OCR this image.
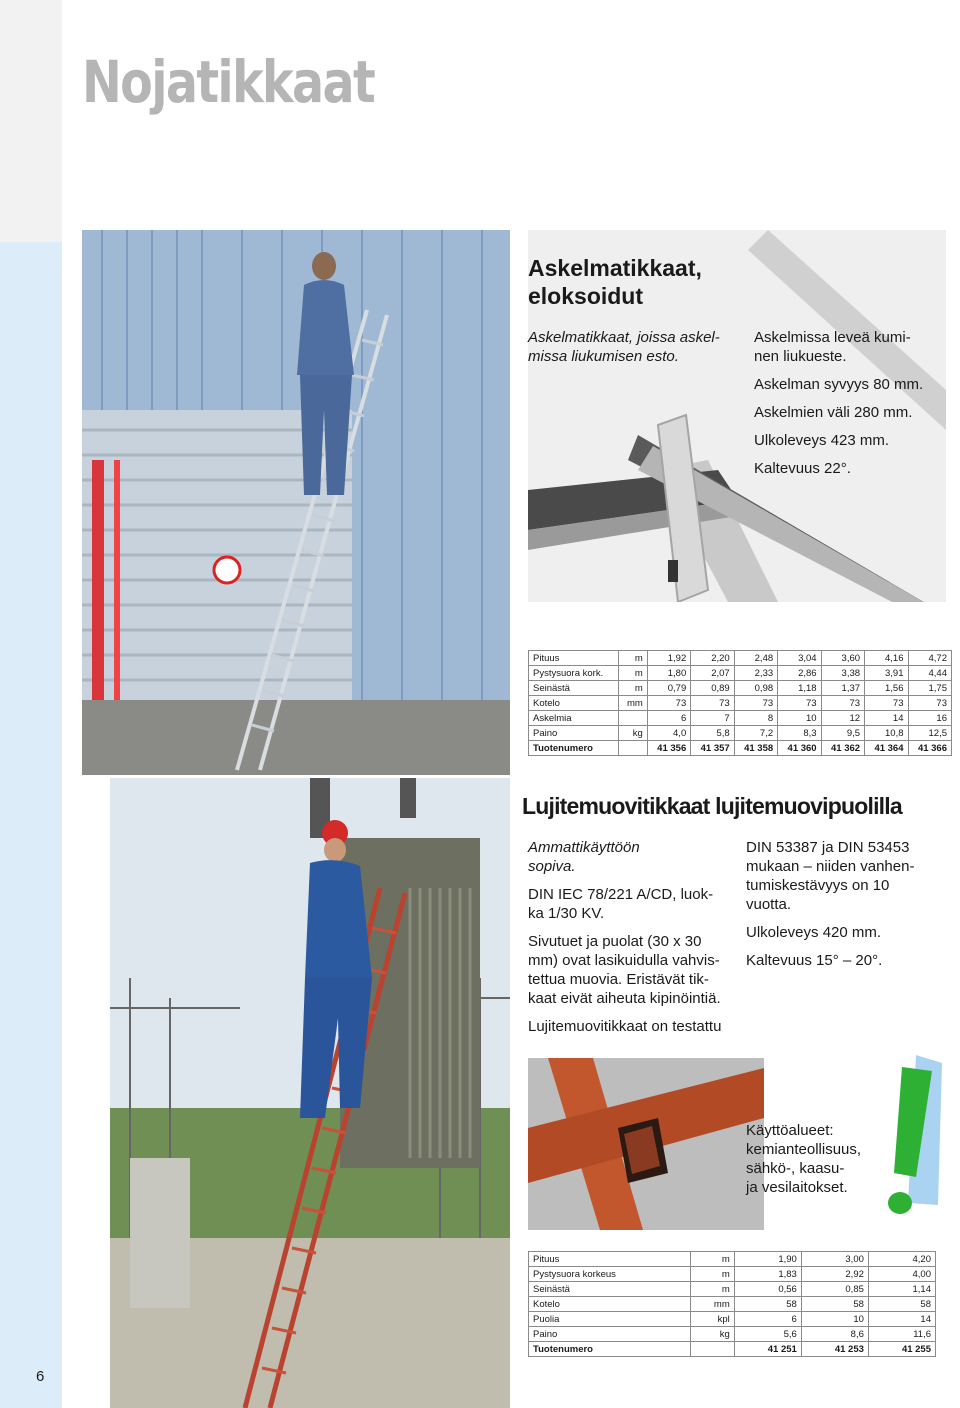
6
Nojatikkaat
Askelmatikkaat,
eloksoidut
Askelmatikkaat, joissa askel-
missa liukumisen esto.
Askelmissa leveä kumi-
nen liukueste.
Askelman syvyys 80 mm.
Askelmien väli 280 mm.
Ulkoleveys 423 mm.
Kaltevuus 22°.
Pituus	m	1,92	2,20	2,48	3,04	3,60	4,16	4,72
Pystysuora kork.	m	1,80	2,07	2,33	2,86	3,38	3,91	4,44
Seinästä	m	0,79	0,89	0,98	1,18	1,37	1,56	1,75
Kotelo	mm	73	73	73	73	73	73	73
Askelmia		6	7	8	10	12	14	16
Paino	kg	4,0	5,8	7,2	8,3	9,5	10,8	12,5
Tuotenumero		41 356	41 357	41 358	41 360	41 362	41 364	41 366
Lujitemuovitikkaat lujitemuovipuolilla
Ammattikäyttöön
sopiva.
DIN IEC 78/221 A/CD, luok-
ka 1/30 KV.
Sivutuet ja puolat (30 x 30
mm) ovat lasikuidulla vahvis-
tettua muovia. Eristävät tik-
kaat eivät aiheuta kipinöintiä.
Lujitemuovitikkaat on testattu
DIN 53387 ja DIN 53453
mukaan – niiden vanhen-
tumiskestävyys on 10
vuotta.
Ulkoleveys 420 mm.
Kaltevuus 15° – 20°.
Käyttöalueet:
kemianteollisuus,
sähkö-, kaasu-
ja vesilaitokset.
Pituus	m	1,90	3,00	4,20
Pystysuora korkeus	m	1,83	2,92	4,00
Seinästä	m	0,56	0,85	1,14
Kotelo	mm	58	58	58
Puolia	kpl	6	10	14
Paino	kg	5,6	8,6	11,6
Tuotenumero		41 251	41 253	41 255
